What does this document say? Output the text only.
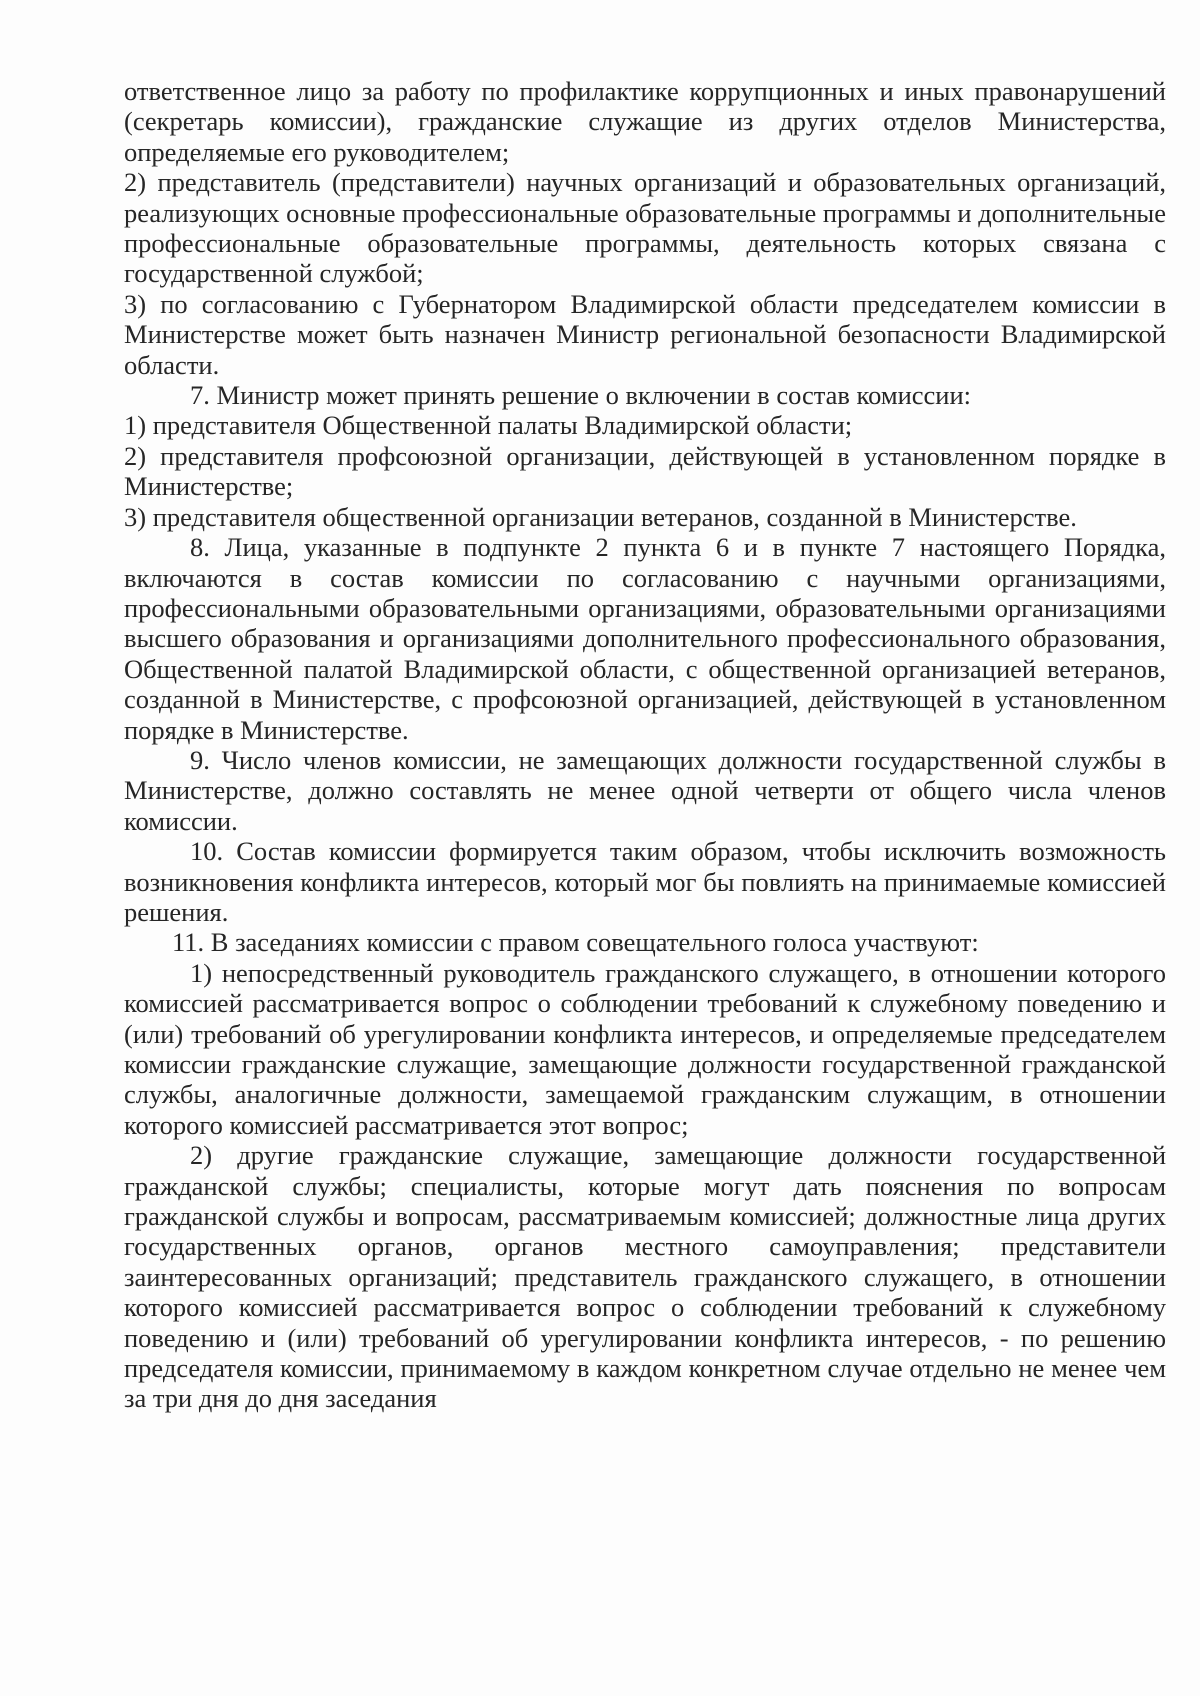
ответственное лицо за работу по профилактике коррупционных и иных правонарушений (секретарь комиссии), гражданские служащие из других отделов Министерства, определяемые его руководителем;

2) представитель (представители) научных организаций и образовательных организаций, реализующих основные профессиональные образовательные программы и дополнительные профессиональные образовательные программы, деятельность которых связана с государственной службой;

3) по согласованию с Губернатором Владимирской области председателем комиссии в Министерстве может быть назначен Министр региональной безопасности Владимирской области.

7. Министр может принять решение о включении в состав комиссии:

1) представителя Общественной палаты Владимирской области;

2) представителя профсоюзной организации, действующей в установленном порядке в Министерстве;

3) представителя общественной организации ветеранов, созданной в Министерстве.

8. Лица, указанные в подпункте 2 пункта 6 и в пункте 7 настоящего Порядка, включаются в состав комиссии по согласованию с научными организациями, профессиональными образовательными организациями, образовательными организациями высшего образования и организациями дополнительного профессионального образования, Общественной палатой Владимирской области, с общественной организацией ветеранов, созданной в Министерстве, с профсоюзной организацией, действующей в установленном порядке в Министерстве.

9. Число членов комиссии, не замещающих должности государственной службы в Министерстве, должно составлять не менее одной четверти от общего числа членов комиссии.

10. Состав комиссии формируется таким образом, чтобы исключить возможность возникновения конфликта интересов, который мог бы повлиять на принимаемые комиссией решения.

11. В заседаниях комиссии с правом совещательного голоса участвуют:

1) непосредственный руководитель гражданского служащего, в отношении которого комиссией рассматривается вопрос о соблюдении требований к служебному поведению и (или) требований об урегулировании конфликта интересов, и определяемые председателем комиссии гражданские служащие, замещающие должности государственной гражданской службы, аналогичные должности, замещаемой гражданским служащим, в отношении которого комиссией рассматривается этот вопрос;

2) другие гражданские служащие, замещающие должности государственной гражданской службы; специалисты, которые могут дать пояснения по вопросам гражданской службы и вопросам, рассматриваемым комиссией; должностные лица других государственных органов, органов местного самоуправления; представители заинтересованных организаций; представитель гражданского служащего, в отношении которого комиссией рассматривается вопрос о соблюдении требований к служебному поведению и (или) требований об урегулировании конфликта интересов, - по решению председателя комиссии, принимаемому в каждом конкретном случае отдельно не менее чем за три дня до дня заседания
